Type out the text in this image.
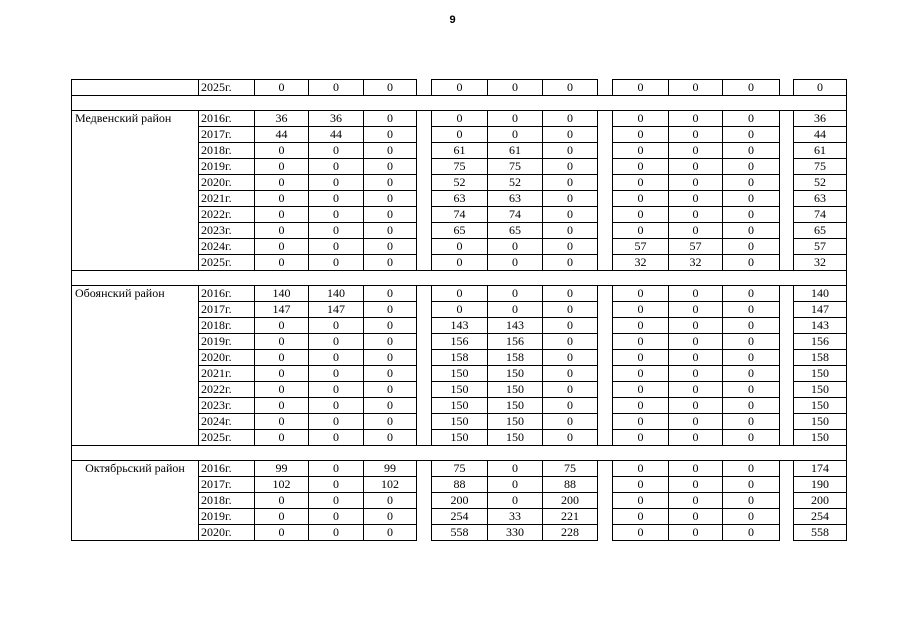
9
	2025г.	0	0	0		0	0	0		0	0	0		0

Медвенский район	2016г.	36	36	0		0	0	0		0	0	0		36
	2017г.	44	44	0		0	0	0		0	0	0		44
	2018г.	0	0	0		61	61	0		0	0	0		61
	2019г.	0	0	0		75	75	0		0	0	0		75
	2020г.	0	0	0		52	52	0		0	0	0		52
	2021г.	0	0	0		63	63	0		0	0	0		63
	2022г.	0	0	0		74	74	0		0	0	0		74
	2023г.	0	0	0		65	65	0		0	0	0		65
	2024г.	0	0	0		0	0	0		57	57	0		57
	2025г.	0	0	0		0	0	0		32	32	0		32

Обоянский район	2016г.	140	140	0		0	0	0		0	0	0		140
	2017г.	147	147	0		0	0	0		0	0	0		147
	2018г.	0	0	0		143	143	0		0	0	0		143
	2019г.	0	0	0		156	156	0		0	0	0		156
	2020г.	0	0	0		158	158	0		0	0	0		158
	2021г.	0	0	0		150	150	0		0	0	0		150
	2022г.	0	0	0		150	150	0		0	0	0		150
	2023г.	0	0	0		150	150	0		0	0	0		150
	2024г.	0	0	0		150	150	0		0	0	0		150
	2025г.	0	0	0		150	150	0		0	0	0		150

Октябрьский район	2016г.	99	0	99		75	0	75		0	0	0		174
	2017г.	102	0	102		88	0	88		0	0	0		190
	2018г.	0	0	0		200	0	200		0	0	0		200
	2019г.	0	0	0		254	33	221		0	0	0		254
	2020г.	0	0	0		558	330	228		0	0	0		558
